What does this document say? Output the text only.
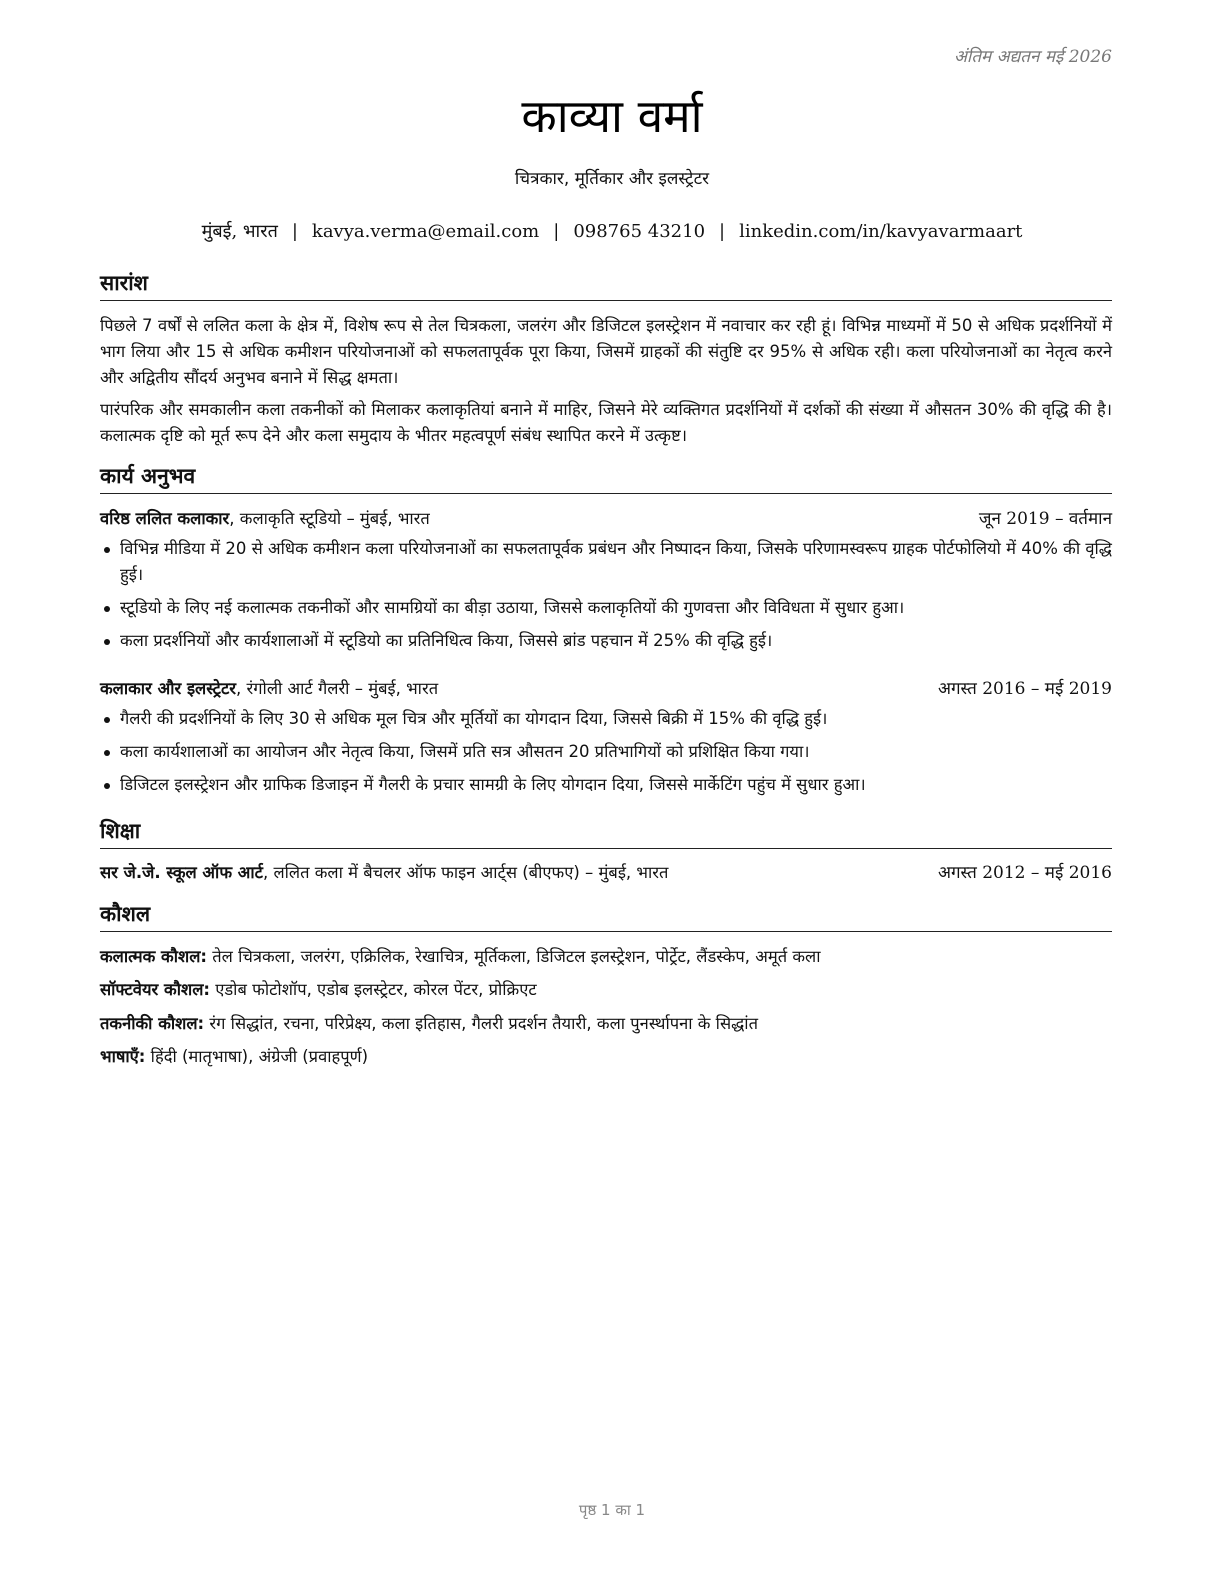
अंतिम अद्यतन मई 2026
काव्या वर्मा
चित्रकार, मूर्तिकार और इलस्ट्रेटर
मुंबई, भारत | kavya.verma@email.com | 098765 43210 | linkedin.com/in/kavyavarmaart
सारांश
पिछले 7 वर्षों से ललित कला के क्षेत्र में, विशेष रूप से तेल चित्रकला, जलरंग और डिजिटल इलस्ट्रेशन में नवाचार कर रही हूं। विभिन्न माध्यमों में 50 से अधिक प्रदर्शनियों में भाग लिया और 15 से अधिक कमीशन परियोजनाओं को सफलतापूर्वक पूरा किया, जिसमें ग्राहकों की संतुष्टि दर 95% से अधिक रही। कला परियोजनाओं का नेतृत्व करने और अद्वितीय सौंदर्य अनुभव बनाने में सिद्ध क्षमता।
पारंपरिक और समकालीन कला तकनीकों को मिलाकर कलाकृतियां बनाने में माहिर, जिसने मेरे व्यक्तिगत प्रदर्शनियों में दर्शकों की संख्या में औसतन 30% की वृद्धि की है। कलात्मक दृष्टि को मूर्त रूप देने और कला समुदाय के भीतर महत्वपूर्ण संबंध स्थापित करने में उत्कृष्ट।
कार्य अनुभव
वरिष्ठ ललित कलाकार, कलाकृति स्टूडियो – मुंबई, भारत	जून 2019 – वर्तमान
विभिन्न मीडिया में 20 से अधिक कमीशन कला परियोजनाओं का सफलतापूर्वक प्रबंधन और निष्पादन किया, जिसके परिणामस्वरूप ग्राहक पोर्टफोलियो में 40% की वृद्धि हुई।
स्टूडियो के लिए नई कलात्मक तकनीकों और सामग्रियों का बीड़ा उठाया, जिससे कलाकृतियों की गुणवत्ता और विविधता में सुधार हुआ।
कला प्रदर्शनियों और कार्यशालाओं में स्टूडियो का प्रतिनिधित्व किया, जिससे ब्रांड पहचान में 25% की वृद्धि हुई।
कलाकार और इलस्ट्रेटर, रंगोली आर्ट गैलरी – मुंबई, भारत	अगस्त 2016 – मई 2019
गैलरी की प्रदर्शनियों के लिए 30 से अधिक मूल चित्र और मूर्तियों का योगदान दिया, जिससे बिक्री में 15% की वृद्धि हुई।
कला कार्यशालाओं का आयोजन और नेतृत्व किया, जिसमें प्रति सत्र औसतन 20 प्रतिभागियों को प्रशिक्षित किया गया।
डिजिटल इलस्ट्रेशन और ग्राफिक डिजाइन में गैलरी के प्रचार सामग्री के लिए योगदान दिया, जिससे मार्केटिंग पहुंच में सुधार हुआ।
शिक्षा
सर जे.जे. स्कूल ऑफ आर्ट, ललित कला में बैचलर ऑफ फाइन आर्ट्स (बीएफए) – मुंबई, भारत	अगस्त 2012 – मई 2016
कौशल
कलात्मक कौशल: तेल चित्रकला, जलरंग, एक्रिलिक, रेखाचित्र, मूर्तिकला, डिजिटल इलस्ट्रेशन, पोर्ट्रेट, लैंडस्केप, अमूर्त कला
सॉफ्टवेयर कौशल: एडोब फोटोशॉप, एडोब इलस्ट्रेटर, कोरल पेंटर, प्रोक्रिएट
तकनीकी कौशल: रंग सिद्धांत, रचना, परिप्रेक्ष्य, कला इतिहास, गैलरी प्रदर्शन तैयारी, कला पुनर्स्थापना के सिद्धांत
भाषाएँ: हिंदी (मातृभाषा), अंग्रेजी (प्रवाहपूर्ण)
पृष्ठ 1 का 1
